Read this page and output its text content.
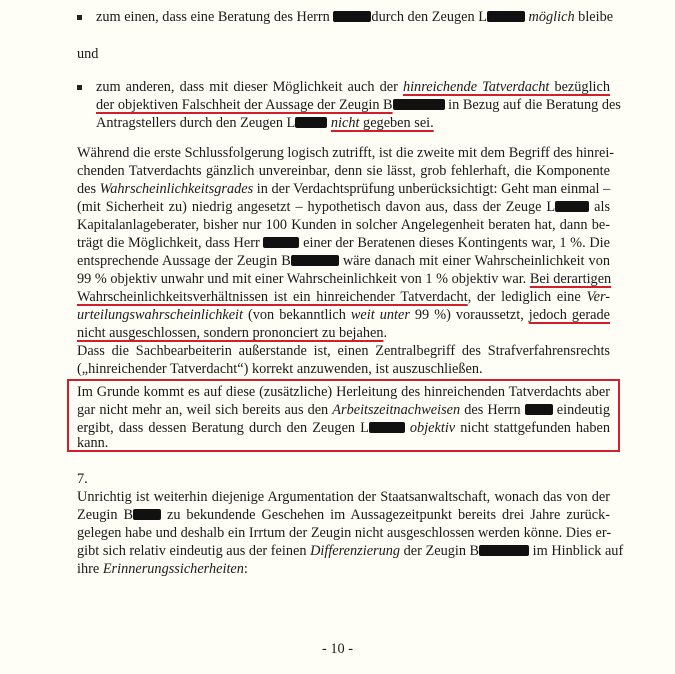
zum einen, dass eine Beratung des Herrn	durch den Zeugen L	möglich bleibe
und
zum anderen, dass mit dieser Möglichkeit auch der hinreichende Tatverdacht bezüglich
der objektiven Falschheit der Aussage der Zeugin B	in Bezug auf die Beratung des
Antragstellers durch den Zeugen L nicht gegeben sei.
Während die erste Schlussfolgerung logisch zutrifft, ist die zweite mit dem Begriff des hinrei-
chenden Tatverdachts gänzlich unvereinbar, denn sie lässt, grob fehlerhaft, die Komponente
des Wahrscheinlichkeitsgrades in der Verdachtsprüfung unberücksichtigt: Geht man einmal –
(mit Sicherheit zu) niedrig angesetzt – hypothetisch davon aus, dass der Zeuge L	als
Kapitalanlageberater, bisher nur 100 Kunden in solcher Angelegenheit beraten hat, dann be-
trägt die Möglichkeit, dass Herr	einer der Beratenen dieses Kontingents war, 1 %. Die
entsprechende Aussage der Zeugin B	wäre danach mit einer Wahrscheinlichkeit von
99 % objektiv unwahr und mit einer Wahrscheinlichkeit von 1 % objektiv war. Bei derartigen
Wahrscheinlichkeitsverhältnissen ist ein hinreichender Tatverdacht, der lediglich eine Ver-
urteilungswahrscheinlichkeit (von bekanntlich weit unter 99 %) voraussetzt, jedoch gerade
nicht ausgeschlossen, sondern prononciert zu bejahen.
Dass die Sachbearbeiterin außerstande ist, einen Zentralbegriff des Strafverfahrensrechts
(„hinreichender Tatverdacht“) korrekt anzuwenden, ist auszuschließen.
Im Grunde kommt es auf diese (zusätzliche) Herleitung des hinreichenden Tatverdachts aber
gar nicht mehr an, weil sich bereits aus den Arbeitszeitnachweisen des Herrn	eindeutig
ergibt, dass dessen Beratung durch den Zeugen L	objektiv nicht stattgefunden haben
kann.
7.
Unrichtig ist weiterhin diejenige Argumentation der Staatsanwaltschaft, wonach das von der
Zeugin B zu bekundende Geschehen im Aussagezeitpunkt bereits drei Jahre zurück-
gelegen habe und deshalb ein Irrtum der Zeugin nicht ausgeschlossen werden könne. Dies er-
gibt sich relativ eindeutig aus der feinen Differenzierung der Zeugin B	im Hinblick auf
ihre Erinnerungssicherheiten:
- 10 -
